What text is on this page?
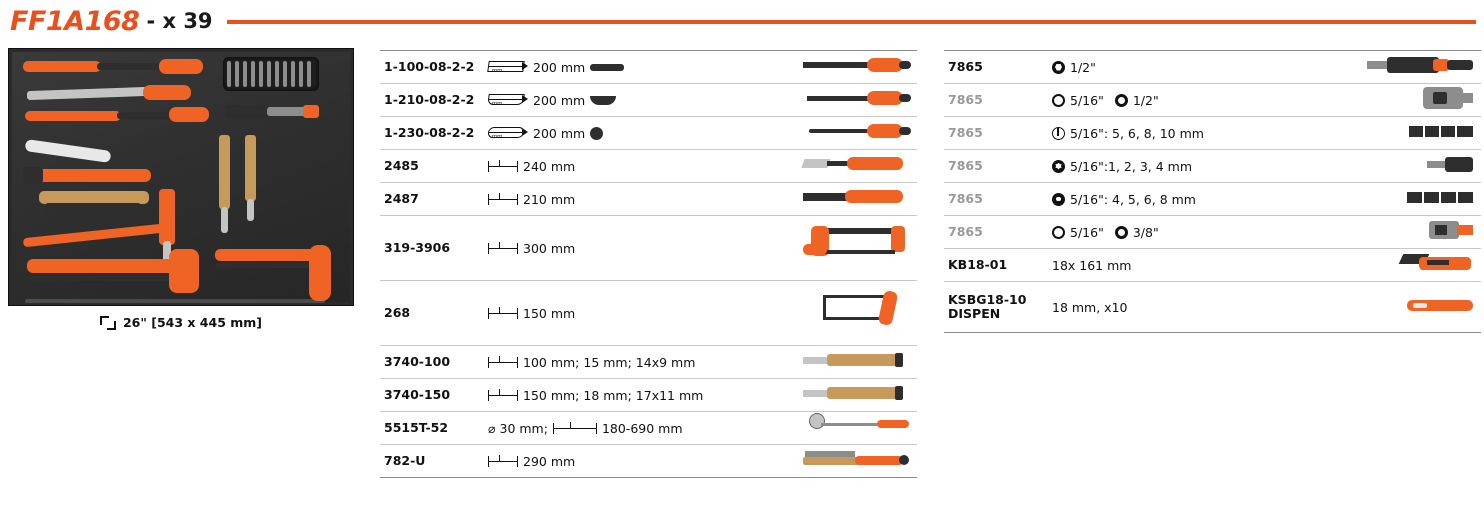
FF1A168 - x 39
26" [543 x 445 mm]
1-100-08-2-2	mm 200 mm	

1-210-08-2-2	mm 200 mm	

1-230-08-2-2	mm 200 mm	

2485	240 mm	

2487	210 mm	

319-3906	300 mm	

268	150 mm	

3740-100	100 mm; 15 mm; 14x9 mm	

3740-150	150 mm; 18 mm; 17x11 mm	

5515T-52	⌀ 30 mm; 180-690 mm	

782-U	290 mm	

7865	1/2"	

7865	5/16" 1/2"	

7865	5/16": 5, 6, 8, 10 mm	

7865	5/16":1, 2, 3, 4 mm	

7865	5/16": 4, 5, 6, 8 mm	

7865	5/16" 3/8"	

KB18-01	18x 161 mm	

KSBG18-10
DISPEN	18 mm, x10	
